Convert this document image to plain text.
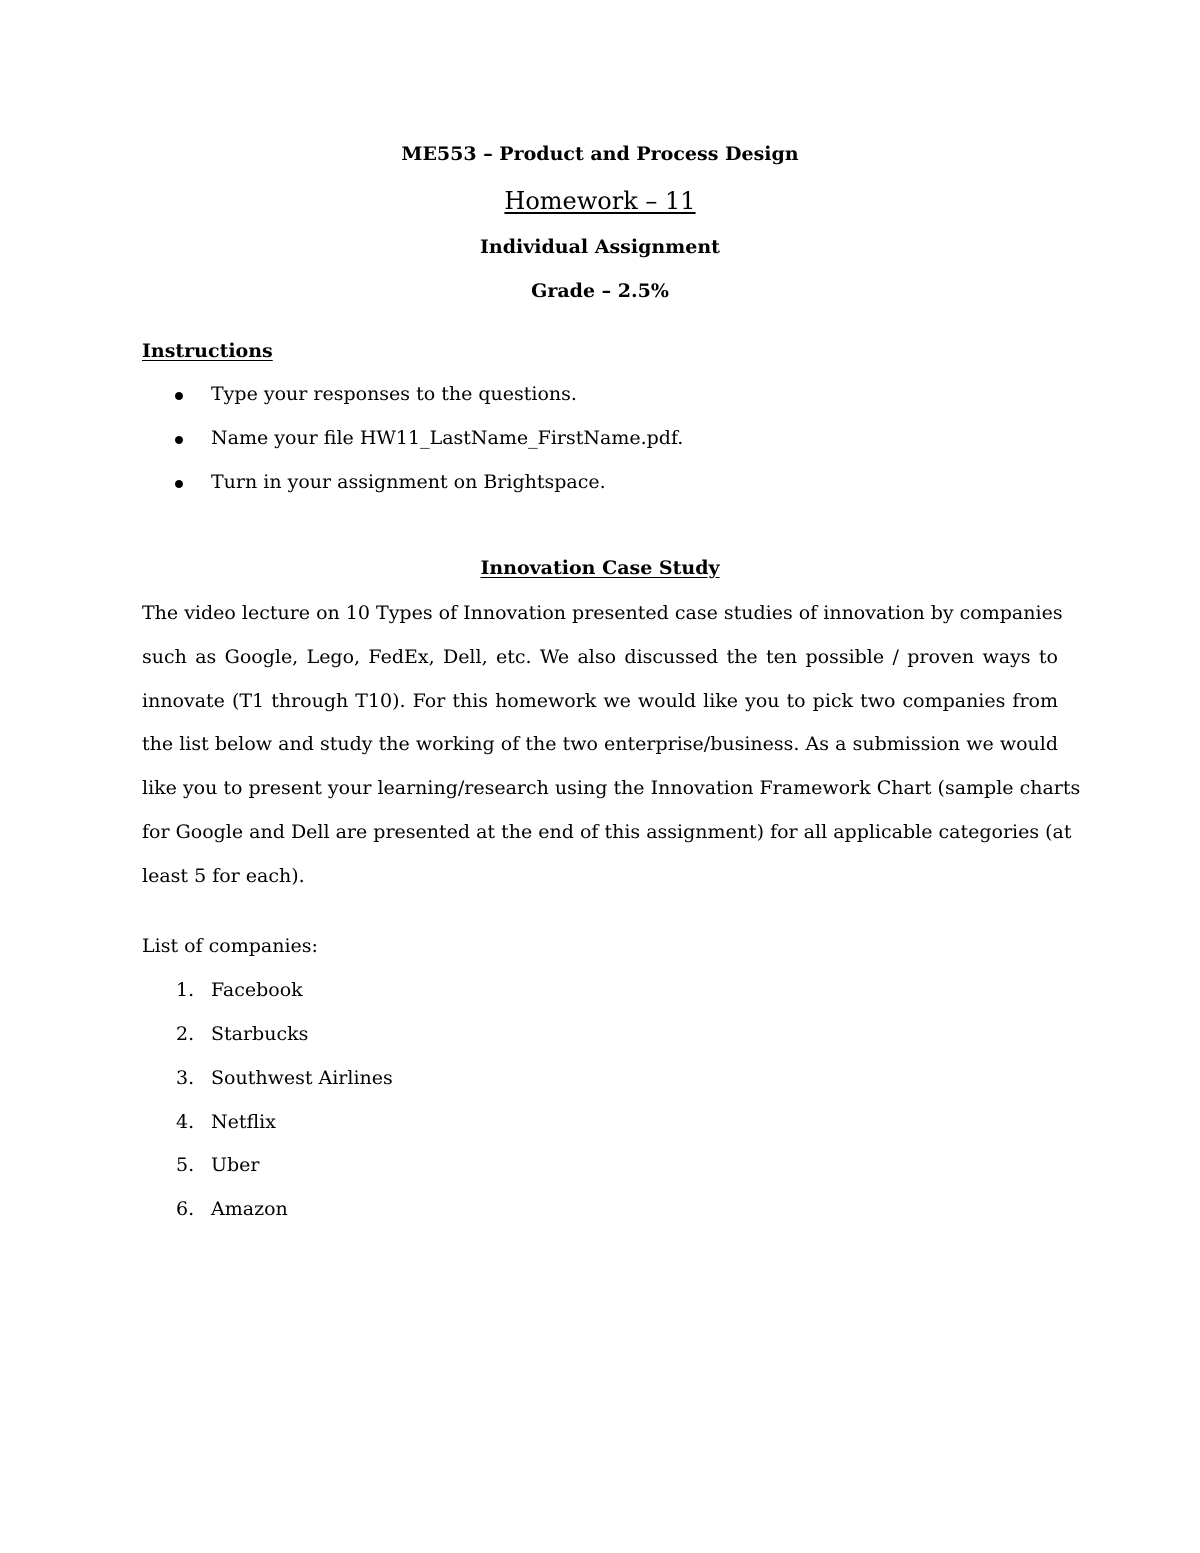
ME553 – Product and Process Design
Homework – 11
Individual Assignment
Grade – 2.5%
Instructions
Type your responses to the questions.
Name your file HW11_LastName_FirstName.pdf.
Turn in your assignment on Brightspace.
Innovation Case Study
The video lecture on 10 Types of Innovation presented case studies of innovation by companies
such as Google, Lego, FedEx, Dell, etc. We also discussed the ten possible / proven ways to
innovate (T1 through T10). For this homework we would like you to pick two companies from
the list below and study the working of the two enterprise/business. As a submission we would
like you to present your learning/research using the Innovation Framework Chart (sample charts
for Google and Dell are presented at the end of this assignment) for all applicable categories (at
least 5 for each).
List of companies:
1. Facebook
2. Starbucks
3. Southwest Airlines
4. Netflix
5. Uber
6. Amazon
